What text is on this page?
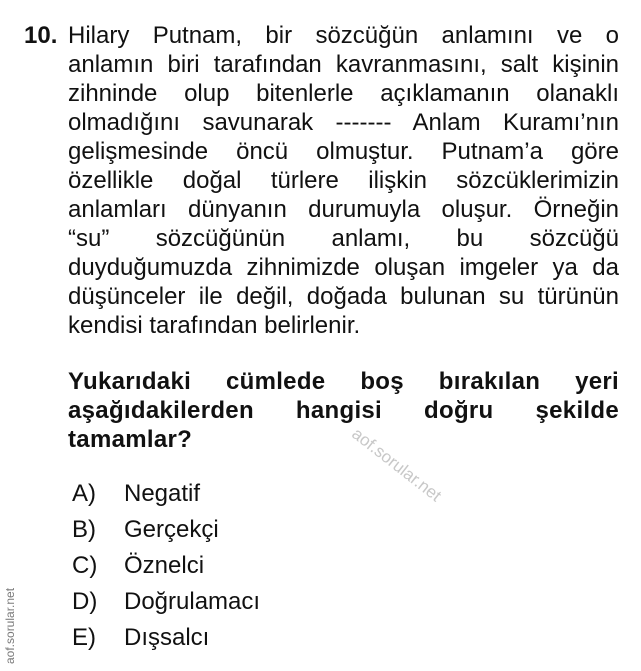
10. Hilary Putnam, bir sözcüğün anlamını ve o
anlamın biri tarafından kavranmasını, salt kişinin
zihninde olup bitenlerle açıklamanın olanaklı
olmadığını savunarak ------- Anlam Kuramı’nın
gelişmesinde öncü olmuştur. Putnam’a göre
özellikle doğal türlere ilişkin sözcüklerimizin
anlamları dünyanın durumuyla oluşur. Örneğin
“su” sözcüğünün anlamı, bu sözcüğü
duyduğumuzda zihnimizde oluşan imgeler ya da
düşünceler ile değil, doğada bulunan su türünün
kendisi tarafından belirlenir.
Yukarıdaki cümlede boş bırakılan yeri
aşağıdakilerden hangisi doğru şekilde
tamamlar?
A)	Negatif
B)	Gerçekçi
C)	Öznelci
D)	Doğrulamacı
E)	Dışsalcı
aof.sorular.net
aof.sorular.net
